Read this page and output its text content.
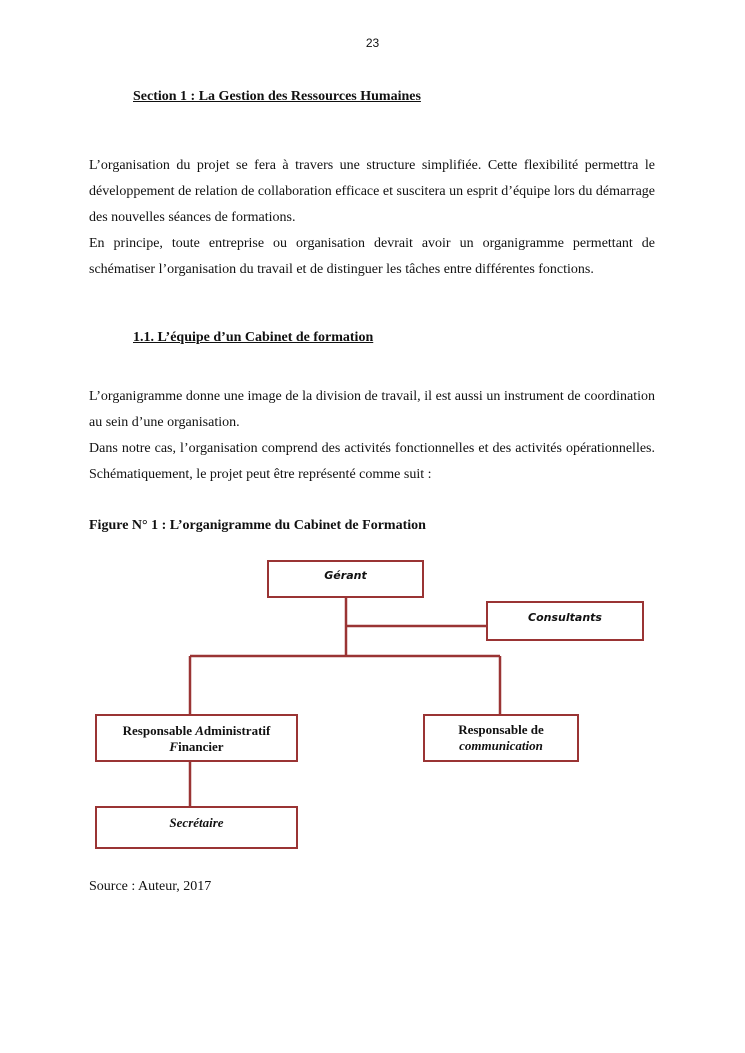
23
Section 1 : La Gestion des Ressources Humaines

L’organisation du projet se fera à travers une structure simplifiée. Cette flexibilité permettra le développement de relation de collaboration efficace et suscitera un esprit d’équipe lors du démarrage des nouvelles séances de formations.

En principe, toute entreprise ou organisation devrait avoir un organigramme permettant de schématiser l’organisation du travail et de distinguer les tâches entre différentes fonctions.

1.1. L’équipe d’un Cabinet de formation

L’organigramme donne une image de la division de travail, il est aussi un instrument de coordination au sein d’une organisation.

Dans notre cas, l’organisation comprend des activités fonctionnelles et des activités opérationnelles. Schématiquement, le projet peut être représenté comme suit :

Figure N° 1 : L’organigramme du Cabinet de Formation
Gérant
Consultants
Responsable Administratif
Financier
Responsable de
communication
Secrétaire
Source : Auteur, 2017
